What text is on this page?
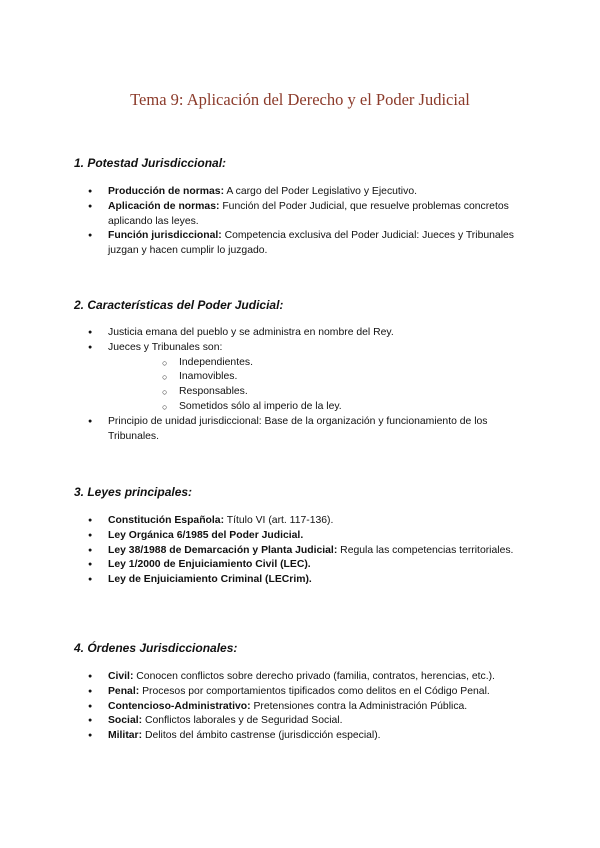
Tema 9: Aplicación del Derecho y el Poder Judicial

1. Potestad Jurisdiccional:

● Producción de normas: A cargo del Poder Legislativo y Ejecutivo.
● Aplicación de normas: Función del Poder Judicial, que resuelve problemas concretos aplicando las leyes.
● Función jurisdiccional: Competencia exclusiva del Poder Judicial: Jueces y Tribunales juzgan y hacen cumplir lo juzgado.

2. Características del Poder Judicial:

● Justicia emana del pueblo y se administra en nombre del Rey.
● Jueces y Tribunales son:
○ Independientes.
○ Inamovibles.
○ Responsables.
○ Sometidos sólo al imperio de la ley.
● Principio de unidad jurisdiccional: Base de la organización y funcionamiento de los Tribunales.

3. Leyes principales:

● Constitución Española: Título VI (art. 117-136).
● Ley Orgánica 6/1985 del Poder Judicial.
● Ley 38/1988 de Demarcación y Planta Judicial: Regula las competencias territoriales.
● Ley 1/2000 de Enjuiciamiento Civil (LEC).
● Ley de Enjuiciamiento Criminal (LECrim).

4. Órdenes Jurisdiccionales:

● Civil: Conocen conflictos sobre derecho privado (familia, contratos, herencias, etc.).
● Penal: Procesos por comportamientos tipificados como delitos en el Código Penal.
● Contencioso-Administrativo: Pretensiones contra la Administración Pública.
● Social: Conflictos laborales y de Seguridad Social.
● Militar: Delitos del ámbito castrense (jurisdicción especial).
